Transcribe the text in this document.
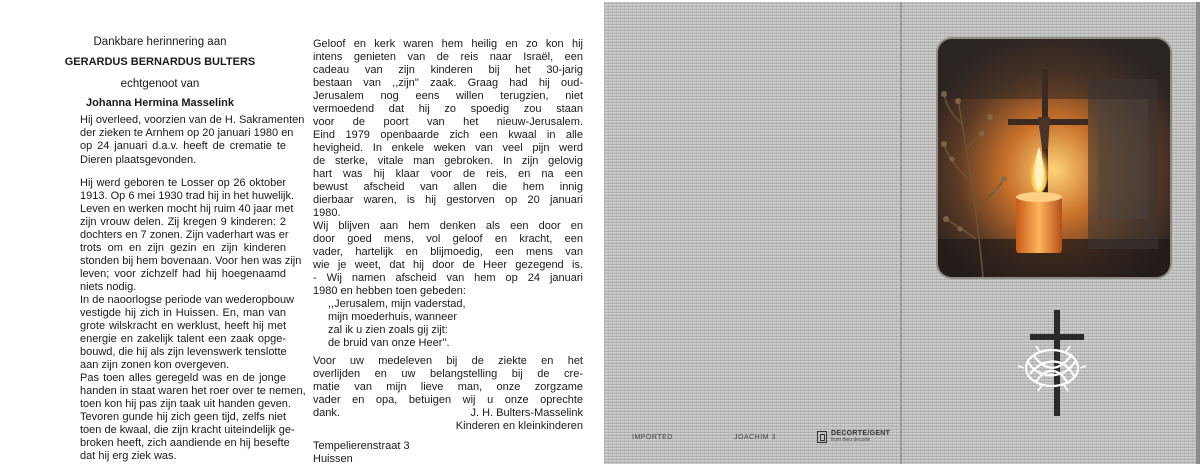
Dankbare herinnering aan
GERARDUS BERNARDUS BULTERS
echtgenoot van
Johanna Hermina Masselink
Hij overleed, voorzien van de H. Sakramenten
der zieken te Arnhem op 20 januari 1980 en
op 24 januari d.a.v. heeft de crematie te
Dieren plaatsgevonden.
Hij werd geboren te Losser op 26 oktober
1913. Op 6 mei 1930 trad hij in het huwelijk.
Leven en werken mocht hij ruim 40 jaar met
zijn vrouw delen. Zij kregen 9 kinderen: 2
dochters en 7 zonen. Zijn vaderhart was er
trots om en zijn gezin en zijn kinderen
stonden bij hem bovenaan. Voor hen was zijn
leven; voor zichzelf had hij hoegenaamd
niets nodig.
In de naoorlogse periode van wederopbouw
vestigde hij zich in Huissen. En, man van
grote wilskracht en werklust, heeft hij met
energie en zakelijk talent een zaak opge-
bouwd, die hij als zijn levenswerk tenslotte
aan zijn zonen kon overgeven.
Pas toen alles geregeld was en de jonge
handen in staat waren het roer over te nemen,
toen kon hij pas zijn taak uit handen geven.
Tevoren gunde hij zich geen tijd, zelfs niet
toen de kwaal, die zijn kracht uiteindelijk ge-
broken heeft, zich aandiende en hij besefte
dat hij erg ziek was.
Geloof en kerk waren hem heilig en zo kon hij
intens genieten van de reis naar Israël, een
cadeau van zijn kinderen bij het 30-jarig
bestaan van ,,zijn'' zaak. Graag had hij oud-
Jerusalem nog eens willen terugzien, niet
vermoedend dat hij zo spoedig zou staan
voor de poort van het nieuw-Jerusalem.
Eind 1979 openbaarde zich een kwaal in alle
hevigheid. In enkele weken van veel pijn werd
de sterke, vitale man gebroken. In zijn gelovig
hart was hij klaar voor de reis, en na een
bewust afscheid van allen die hem innig
dierbaar waren, is hij gestorven op 20 januari
1980.
Wij blijven aan hem denken als een door en
door goed mens, vol geloof en kracht, een
vader, hartelijk en blijmoedig, een mens van
wie je weet, dat hij door de Heer gezegend is.
- Wij namen afscheid van hem op 24 januari
1980 en hebben toen gebeden:
,,Jerusalem, mijn vaderstad,
mijn moederhuis, wanneer
zal ik u zien zoals gij zijt:
de bruid van onze Heer''.
Voor uw medeleven bij de ziekte en het
overlijden en uw belangstelling bij de cre-
matie van mijn lieve man, onze zorgzame
vader en opa, betuigen wij u onze oprechte
dank.	J. H. Bulters-Masselink
Kinderen en kleinkinderen
Tempelierenstraat 3
Huissen
IMPORTED	JOACHIM 3
DECORTE/GENT
from theo decorte
